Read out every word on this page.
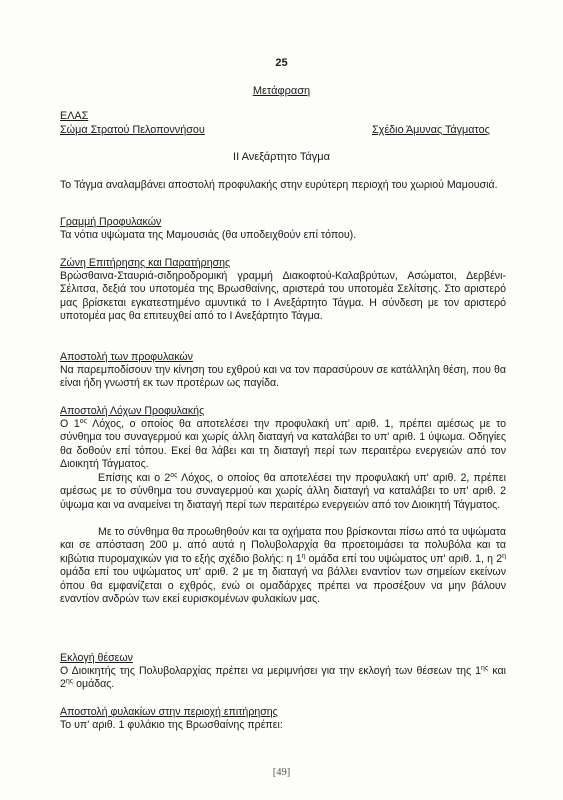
25
Μετάφραση
ΕΛΑΣ
Σώμα Στρατού Πελοποννήσου	Σχέδιο Άμυνας Τάγματος
ΙΙ Ανεξάρτητο Τάγμα
Το Τάγμα αναλαμβάνει αποστολή προφυλακής στην ευρύτερη περιοχή του χωριού Μαμουσιά.
Γραμμή Προφυλακών
Τα νότια υψώματα της Μαμουσιάς (θα υποδειχθούν επί τόπου).
Ζώνη Επιτήρησης και Παρατήρησης
Βρώσθαινα-Σταυριά-σιδηροδρομική γραμμή Διακοφτού-Καλαβρύτων, Ασώματοι, Δερβένι-Σέλιτσα, δεξιά του υποτομέα της Βρωσθαίνης, αριστερά του υποτομέα Σελίτσης. Στο αριστερό μας βρίσκεται εγκατεστημένο αμυντικά το Ι Ανεξάρτητο Τάγμα. Η σύνδεση με τον αριστερό υποτομέα μας θα επιτευχθεί από το Ι Ανεξάρτητο Τάγμα.
Αποστολή των προφυλακών
Να παρεμποδίσουν την κίνηση του εχθρού και να τον παρασύρουν σε κατάλληλη θέση, που θα είναι ήδη γνωστή εκ των προτέρων ως παγίδα.
Αποστολή Λόχων Προφυλακής
Ο $1^{o\varsigma}$ Λόχος, ο οποίος θα αποτελέσει την προφυλακή υπ' αριθ. 1, πρέπει αμέσως με το σύνθημα του συναγερμού και χωρίς άλλη διαταγή να καταλάβει το υπ' αριθ. 1 ύψωμα. Οδηγίες θα δοθούν επί τόπου. Εκεί θα λάβει και τη διαταγή περί των περαιτέρω ενεργειών από τον Διοικητή Τάγματος.
Επίσης και ο $2^{o\varsigma}$ Λόχος, ο οποίος θα αποτελέσει την προφυλακή υπ' αριθ. 2, πρέπει αμέσως με το σύνθημα του συναγερμού και χωρίς άλλη διαταγή να καταλάβει το υπ' αριθ. 2 ύψωμα και να αναμείνει τη διαταγή περί των περαιτέρω ενεργειών από τον Διοικητή Τάγματος.
Με το σύνθημα θα προωθηθούν και τα οχήματα που βρίσκονται πίσω από τα υψώματα και σε απόσταση 200 μ. από αυτά η Πολυβολαρχία θα προετοιμάσει τα πολυβόλα και τα κιβώτια πυρομαχικών για το εξής σχέδιο βολής: η $1^\eta$ ομάδα επί του υψώματος υπ' αριθ. 1, η $2^\eta$ ομάδα επί του υψώματος υπ' αριθ. 2 με τη διαταγή να βάλλει εναντίον των σημείων εκείνων όπου θα εμφανίζεται ο εχθρός, ενώ οι ομαδάρχες πρέπει να προσέξουν να μην βάλουν εναντίον ανδρών των εκεί ευρισκομένων φυλακίων μας.
Εκλογή θέσεων
Ο Διοικητής της Πολυβολαρχίας πρέπει να μεριμνήσει για την εκλογή των θέσεων της $1^{\eta\varsigma}$ και $2^{\eta\varsigma}$ ομάδας.
Αποστολή φυλακίων στην περιοχή επιτήρησης
Το υπ' αριθ. 1 φυλάκιο της Βρωσθαίνης πρέπει:
[49]
